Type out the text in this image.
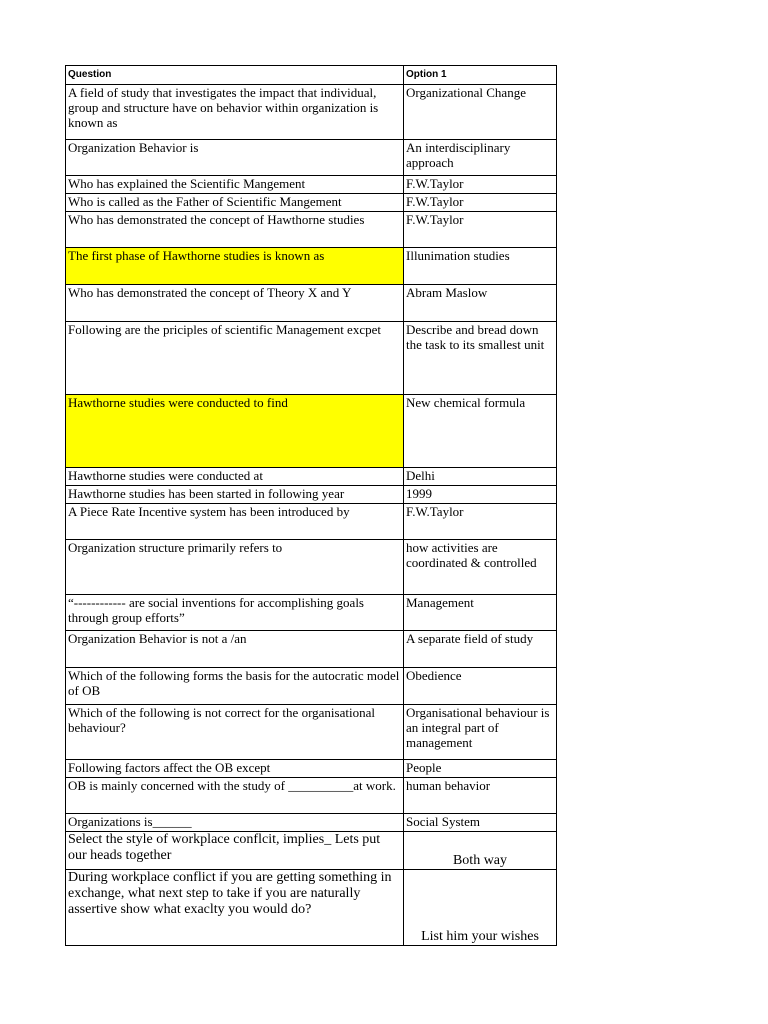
Question	Option 1
A field of study that investigates the impact that individual, group and structure have on behavior within organization is known as	Organizational Change
Organization Behavior is	An interdisciplinary approach
Who has explained the Scientific Mangement	F.W.Taylor
Who is called as the Father of Scientific Mangement	F.W.Taylor
Who has demonstrated the concept of Hawthorne studies	F.W.Taylor
The first phase of Hawthorne studies is known as	Illunimation studies
Who has demonstrated the concept of Theory X and Y	Abram Maslow
Following are the priciples of scientific Management excpet	Describe and bread down the task to its smallest unit
Hawthorne studies were conducted to find	New chemical formula
Hawthorne studies were conducted at	Delhi
Hawthorne studies has been started in following year	1999
A Piece Rate Incentive system has been introduced by	F.W.Taylor
Organization structure primarily refers to	how activities are coordinated & controlled
“------------ are social inventions for accomplishing goals through group efforts”	Management
Organization Behavior is not a /an	A separate field of study
Which of the following forms the basis for the autocratic model of OB	Obedience
Which of the following is not correct for the organisational behaviour?	Organisational behaviour is an integral part of management
Following factors affect the OB except	People
OB is mainly concerned with the study of __________at work.	human behavior
Organizations is______	Social System
Select the style of workplace conflcit, implies_ Lets put our heads together	Both way
During workplace conflict if you are getting something in exchange, what next step to take if you are naturally assertive show what exaclty you would do?	List him your wishes
